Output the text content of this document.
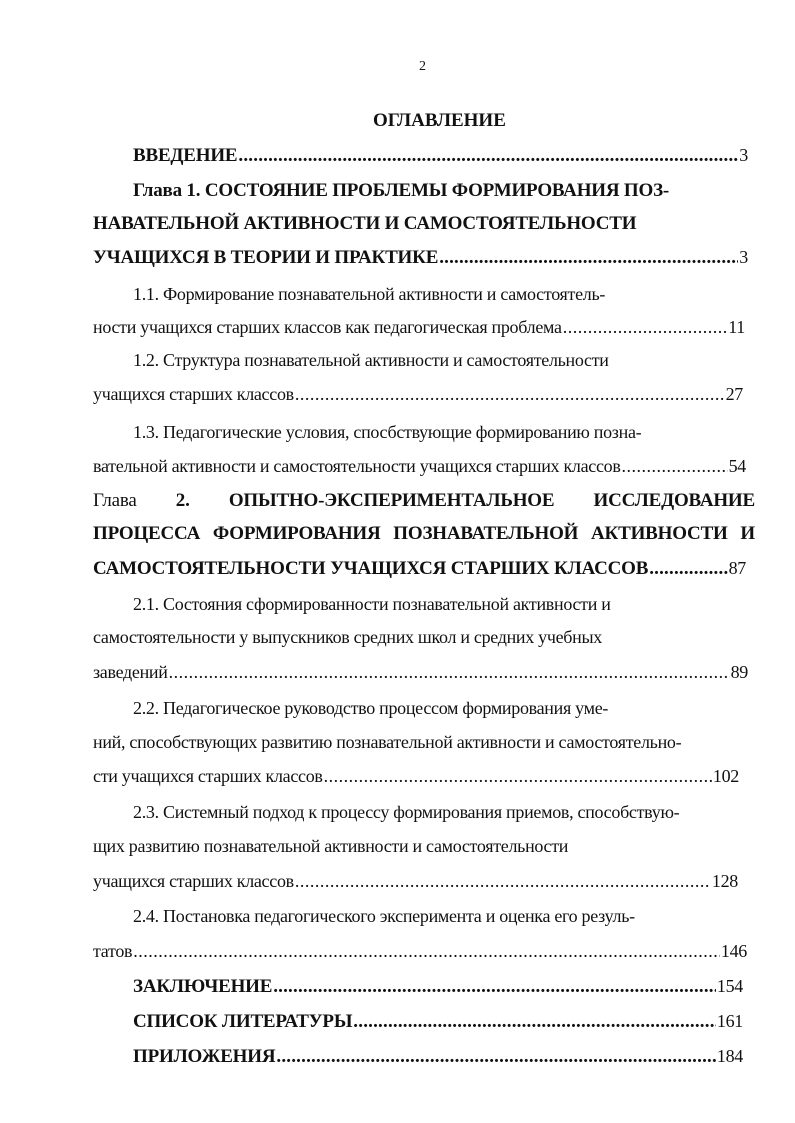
2
ОГЛАВЛЕНИЕ
ВВЕДЕНИЕ .....	3
Глава 1. СОСТОЯНИЕ ПРОБЛЕМЫ ФОРМИРОВАНИЯ ПОЗ-
НАВАТЕЛЬНОЙ АКТИВНОСТИ И САМОСТОЯТЕЛЬНОСТИ
УЧАЩИХСЯ В ТЕОРИИ И ПРАКТИКЕ .....	3
1.1. Формирование познавательной активности и самостоятель-
ности учащихся старших классов как педагогическая проблема .....	11
1.2. Структура познавательной активности и самостоятельности
учащихся старших классов .....	27
1.3. Педагогические условия, спосбствующие формированию позна-
вательной активности и самостоятельности учащихся старших классов .....	54
Глава 2. ОПЫТНО-ЭКСПЕРИМЕНТАЛЬНОЕ ИССЛЕДОВАНИЕ
ПРОЦЕССА ФОРМИРОВАНИЯ ПОЗНАВАТЕЛЬНОЙ АКТИВНОСТИ И
САМОСТОЯТЕЛЬНОСТИ УЧАЩИХСЯ СТАРШИХ КЛАССОВ .....	87
2.1. Состояния сформированности познавательной активности и
самостоятельности у выпускников средних школ и средних учебных
заведений .....	89
2.2. Педагогическое руководство процессом формирования уме-
ний, способствующих развитию познавательной активности и самостоятельно-
сти учащихся старших классов .....	102
2.3. Системный подход к процессу формирования приемов, способствую-
щих развитию познавательной активности и самостоятельности
учащихся старших классов .....	128
2.4. Постановка педагогического эксперимента и оценка его резуль-
татов .....	146
ЗАКЛЮЧЕНИЕ .....	154
СПИСОК ЛИТЕРАТУРЫ .....	161
ПРИЛОЖЕНИЯ .....	184
